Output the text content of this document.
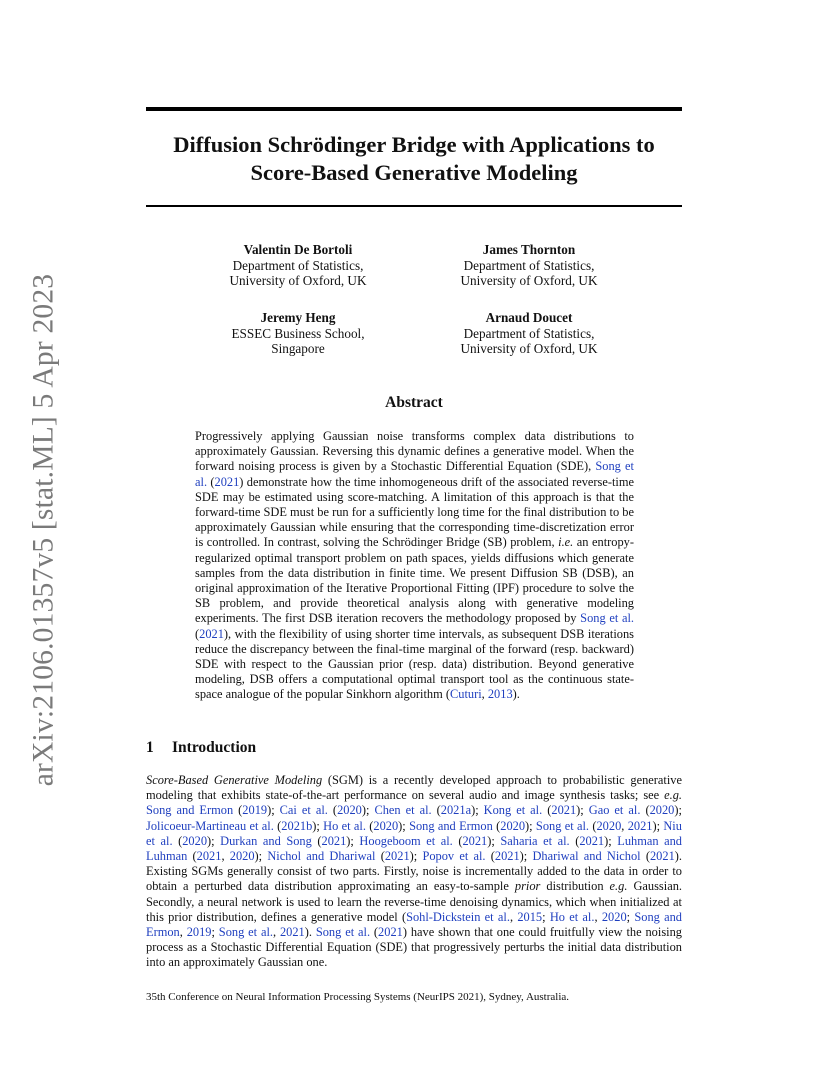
arXiv:2106.01357v5 [stat.ML] 5 Apr 2023
Diffusion Schrödinger Bridge with Applications to
Score-Based Generative Modeling
Valentin De Bortoli
Department of Statistics,
University of Oxford, UK
James Thornton
Department of Statistics,
University of Oxford, UK
Jeremy Heng
ESSEC Business School,
Singapore
Arnaud Doucet
Department of Statistics,
University of Oxford, UK
Abstract
Progressively applying Gaussian noise transforms complex data distributions to approximately Gaussian. Reversing this dynamic defines a generative model. When the forward noising process is given by a Stochastic Differential Equation (SDE), Song et al. (2021) demonstrate how the time inhomogeneous drift of the associated reverse-time SDE may be estimated using score-matching. A limitation of this approach is that the forward-time SDE must be run for a sufficiently long time for the final distribution to be approximately Gaussian while ensuring that the corresponding time-discretization error is controlled. In contrast, solving the Schrödinger Bridge (SB) problem, i.e. an entropy-regularized optimal transport problem on path spaces, yields diffusions which generate samples from the data distribution in finite time. We present Diffusion SB (DSB), an original approximation of the Iterative Proportional Fitting (IPF) procedure to solve the SB problem, and provide theoretical analysis along with generative modeling experiments. The first DSB iteration recovers the methodology proposed by Song et al. (2021), with the flexibility of using shorter time intervals, as subsequent DSB iterations reduce the discrepancy between the final-time marginal of the forward (resp. backward) SDE with respect to the Gaussian prior (resp. data) distribution. Beyond generative modeling, DSB offers a computational optimal transport tool as the continuous state-space analogue of the popular Sinkhorn algorithm (Cuturi, 2013).
1 Introduction
Score-Based Generative Modeling (SGM) is a recently developed approach to probabilistic generative modeling that exhibits state-of-the-art performance on several audio and image synthesis tasks; see e.g. Song and Ermon (2019); Cai et al. (2020); Chen et al. (2021a); Kong et al. (2021); Gao et al. (2020); Jolicoeur-Martineau et al. (2021b); Ho et al. (2020); Song and Ermon (2020); Song et al. (2020, 2021); Niu et al. (2020); Durkan and Song (2021); Hoogeboom et al. (2021); Saharia et al. (2021); Luhman and Luhman (2021, 2020); Nichol and Dhariwal (2021); Popov et al. (2021); Dhariwal and Nichol (2021). Existing SGMs generally consist of two parts. Firstly, noise is incrementally added to the data in order to obtain a perturbed data distribution approximating an easy-to-sample prior distribution e.g. Gaussian. Secondly, a neural network is used to learn the reverse-time denoising dynamics, which when initialized at this prior distribution, defines a generative model (Sohl-Dickstein et al., 2015; Ho et al., 2020; Song and Ermon, 2019; Song et al., 2021). Song et al. (2021) have shown that one could fruitfully view the noising process as a Stochastic Differential Equation (SDE) that progressively perturbs the initial data distribution into an approximately Gaussian one.
35th Conference on Neural Information Processing Systems (NeurIPS 2021), Sydney, Australia.
